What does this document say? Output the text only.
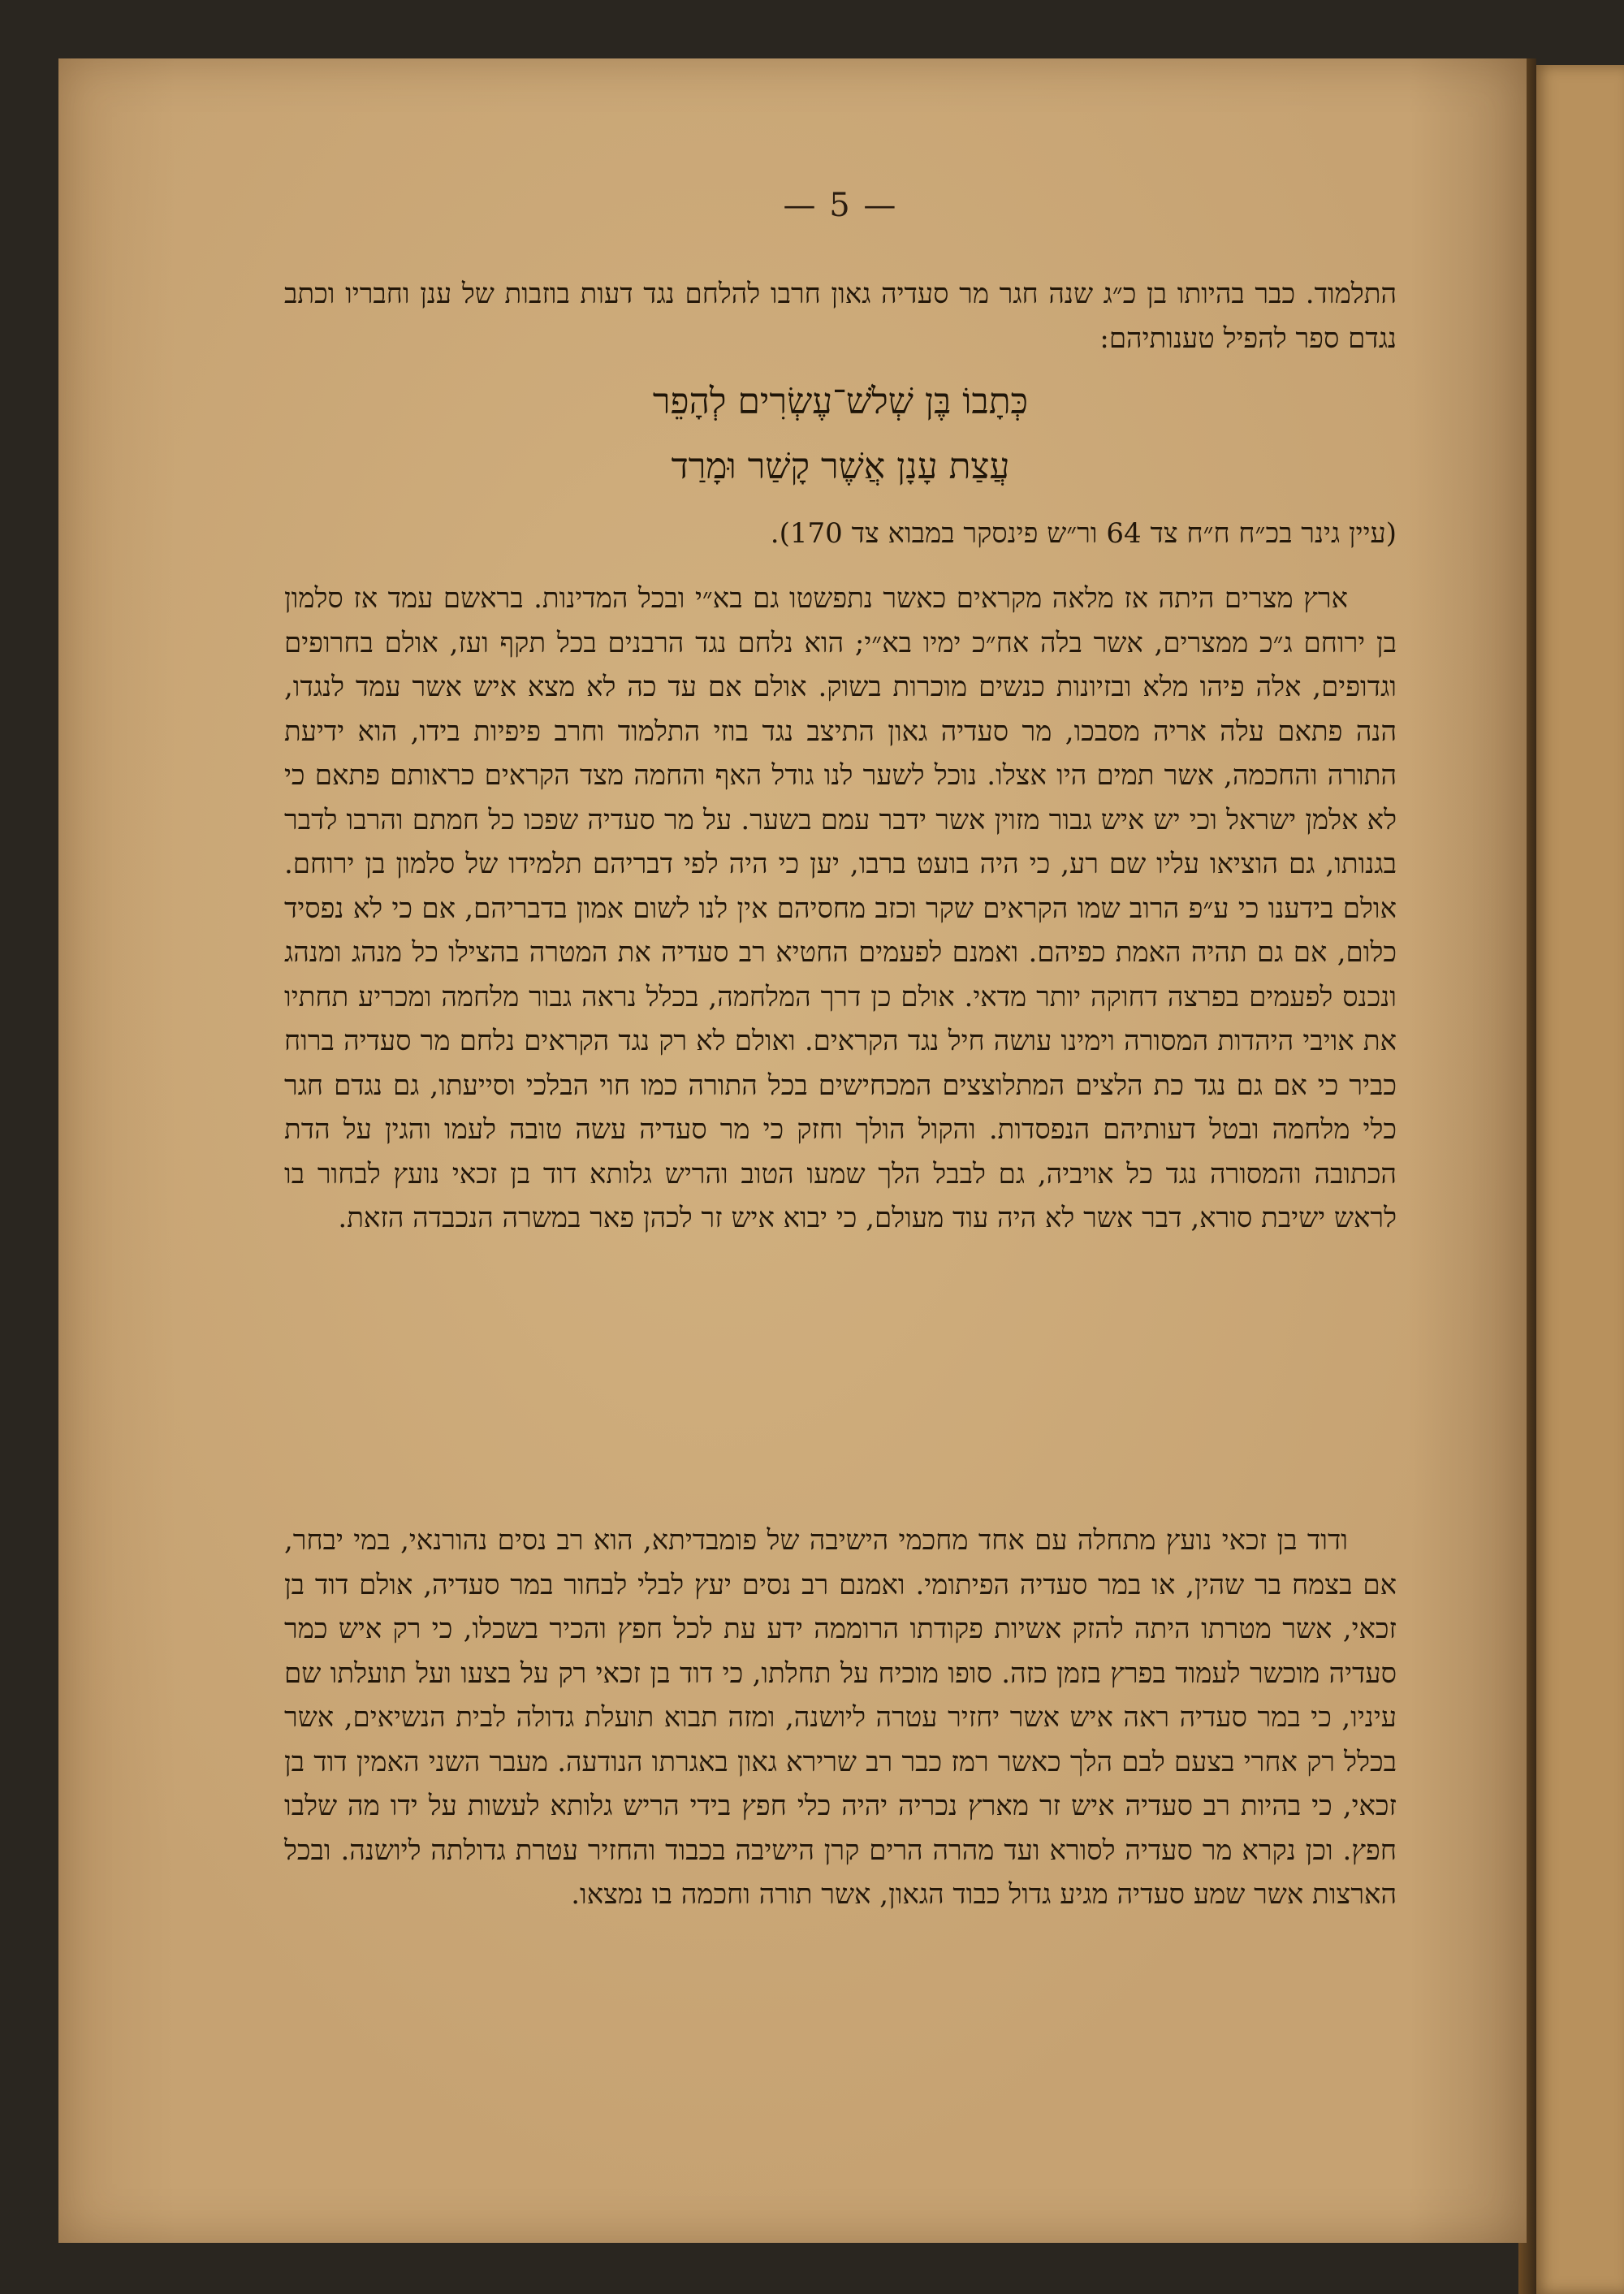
— 5 —

התלמוד. כבר בהיותו בן כ״ג שנה חגר מר סעדיה גאון חרבו להלחם נגד דעות בוזבות של ענן וחבריו וכתב נגדם ספר להפיל טענותיהם:

כְּתָבוֹ בֶּן שְׁלֹשׁ־עֶשְׂרִים לְהָפֵר
עֲצַת עָנָן אֲשֶׁר קָשַׁר וּמָרַד
(עיין גינר בכ״ח ח״ח צד 64 ור״ש פינסקר במבוא צד 170).

ארץ מצרים היתה אז מלאה מקראים כאשר נתפשטו גם בא״י ובכל המדינות. בראשם עמד אז סלמון בן ירוחם ג״כ ממצרים, אשר בלה אח״כ ימיו בא״י; הוא נלחם נגד הרבנים בכל תקף ועז, אולם בחרופים וגדופים, אלה פיהו מלא ובזיונות כנשים מוכרות בשוק. אולם אם עד כה לא מצא איש אשר עמד לנגדו, הנה פתאם עלה אריה מסבכו, מר סעדיה גאון התיצב נגד בוזי התלמוד וחרב פיפיות בידו, הוא ידיעת התורה והחכמה, אשר תמים היו אצלו. נוכל לשער לנו גודל האף והחמה מצד הקראים כראותם פתאם כי לא אלמן ישראל וכי יש איש גבור מזוין אשר ידבר עמם בשער. על מר סעדיה שפכו כל חמתם והרבו לדבר בגנותו, גם הוציאו עליו שם רע, כי היה בועט ברבו, יען כי היה לפי דבריהם תלמידו של סלמון בן ירוחם. אולם בידענו כי ע״פ הרוב שמו הקראים שקר וכזב מחסיהם אין לנו לשום אמון בדבריהם, אם כי לא נפסיד כלום, אם גם תהיה האמת כפיהם. ואמנם לפעמים החטיא רב סעדיה את המטרה בהצילו כל מנהג ומנהג ונכנס לפעמים בפרצה דחוקה יותר מדאי. אולם כן דרך המלחמה, בכלל נראה גבור מלחמה ומכריע תחתיו את אויבי היהדות המסורה וימינו עושה חיל נגד הקראים. ואולם לא רק נגד הקראים נלחם מר סעדיה ברוח כביר כי אם גם נגד כת הלצים המתלוצצים המכחישים בכל התורה כמו חוי הבלכי וסייעתו, גם נגדם חגר כלי מלחמה ובטל דעותיהם הנפסדות. והקול הולך וחזק כי מר סעדיה עשה טובה לעמו והגין על הדת הכתובה והמסורה נגד כל אויביה, גם לבבל הלך שמעו הטוב והריש גלותא דוד בן זכאי נועץ לבחור בו לראש ישיבת סורא, דבר אשר לא היה עוד מעולם, כי יבוא איש זר לכהן פאר במשרה הנכבדה הזאת.

ודוד בן זכאי נועץ מתחלה עם אחד מחכמי הישיבה של פומבדיתא, הוא רב נסים נהורנאי, במי יבחר, אם בצמח בר שהין, או במר סעדיה הפיתומי. ואמנם רב נסים יעץ לבלי לבחור במר סעדיה, אולם דוד בן זכאי, אשר מטרתו היתה להזק אשיות פקודתו הרוממה ידע עת לכל חפץ והכיר בשכלו, כי רק איש כמר סעדיה מוכשר לעמוד בפרץ בזמן כזה. סופו מוכיח על תחלתו, כי דוד בן זכאי רק על בצעו ועל תועלתו שם עיניו, כי במר סעדיה ראה איש אשר יחזיר עטרה ליושנה, ומזה תבוא תועלת גדולה לבית הנשיאים, אשר בכלל רק אחרי בצעם לבם הלך כאשר רמז כבר רב שרירא גאון באגרתו הנודעה. מעבר השני האמין דוד בן זכאי, כי בהיות רב סעדיה איש זר מארץ נכריה יהיה כלי חפץ בידי הריש גלותא לעשות על ידו מה שלבו חפץ. וכן נקרא מר סעדיה לסורא ועד מהרה הרים קרן הישיבה בכבוד והחזיר עטרת גדולתה ליושנה. ובכל הארצות אשר שמע סעדיה מגיע גדול כבוד הגאון, אשר תורה וחכמה בו נמצאו.
